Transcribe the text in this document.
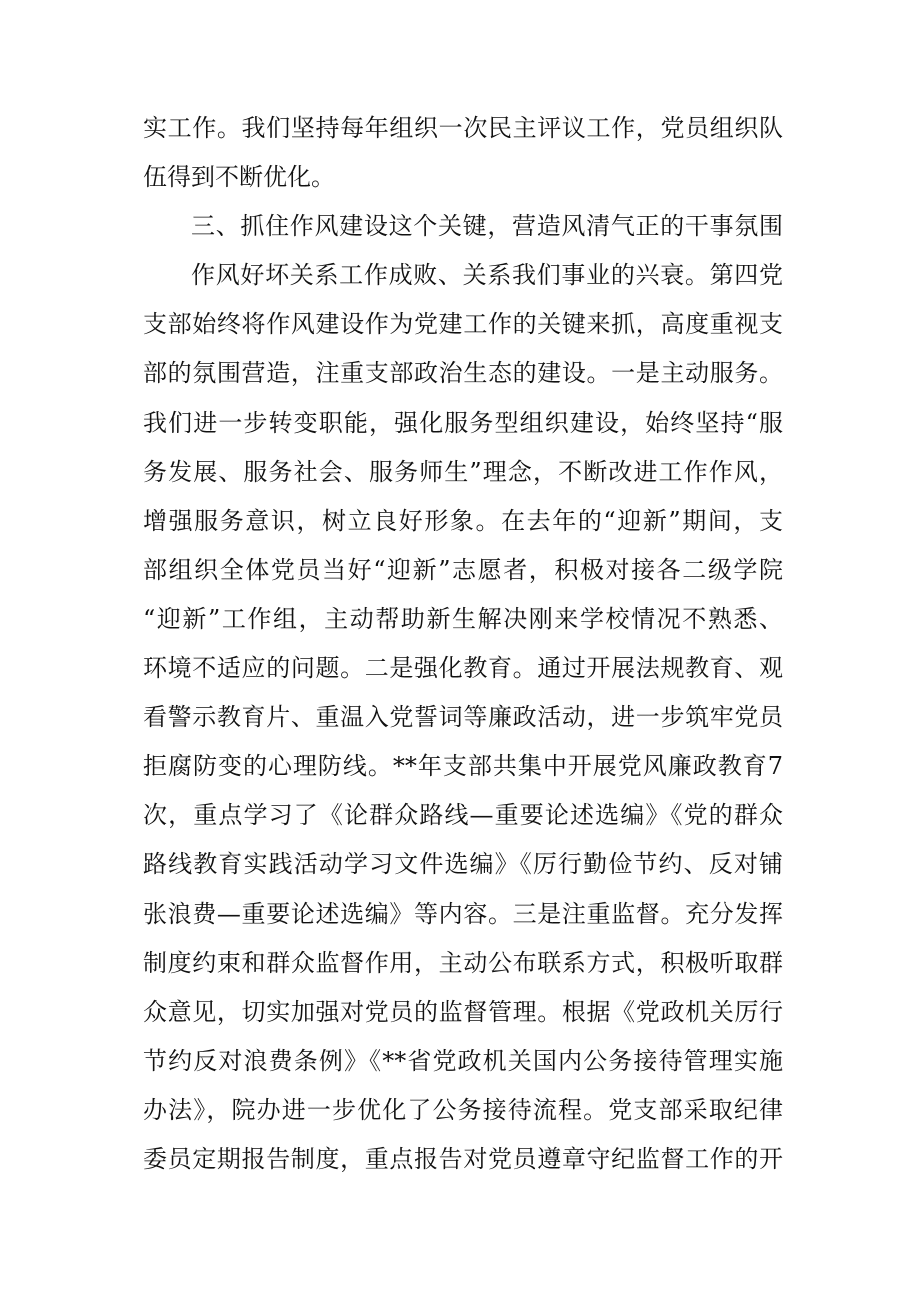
实工作。我们坚持每年组织一次民主评议工作，党员组织队
伍得到不断优化。
三、抓住作风建设这个关键，营造风清气正的干事氛围
作风好坏关系工作成败、关系我们事业的兴衰。第四党
支部始终将作风建设作为党建工作的关键来抓，高度重视支
部的氛围营造，注重支部政治生态的建设。一是主动服务。
我们进一步转变职能，强化服务型组织建设，始终坚持“服
务发展、服务社会、服务师生”理念，不断改进工作作风，
增强服务意识，树立良好形象。在去年的“迎新”期间，支
部组织全体党员当好“迎新”志愿者，积极对接各二级学院
“迎新”工作组，主动帮助新生解决刚来学校情况不熟悉、
环境不适应的问题。二是强化教育。通过开展法规教育、观
看警示教育片、重温入党誓词等廉政活动，进一步筑牢党员
拒腐防变的心理防线。**年支部共集中开展党风廉政教育7
次，重点学习了《论群众路线—重要论述选编》《党的群众
路线教育实践活动学习文件选编》《厉行勤俭节约、反对铺
张浪费—重要论述选编》等内容。三是注重监督。充分发挥
制度约束和群众监督作用，主动公布联系方式，积极听取群
众意见，切实加强对党员的监督管理。根据《党政机关厉行
节约反对浪费条例》《**省党政机关国内公务接待管理实施
办法》，院办进一步优化了公务接待流程。党支部采取纪律
委员定期报告制度，重点报告对党员遵章守纪监督工作的开
